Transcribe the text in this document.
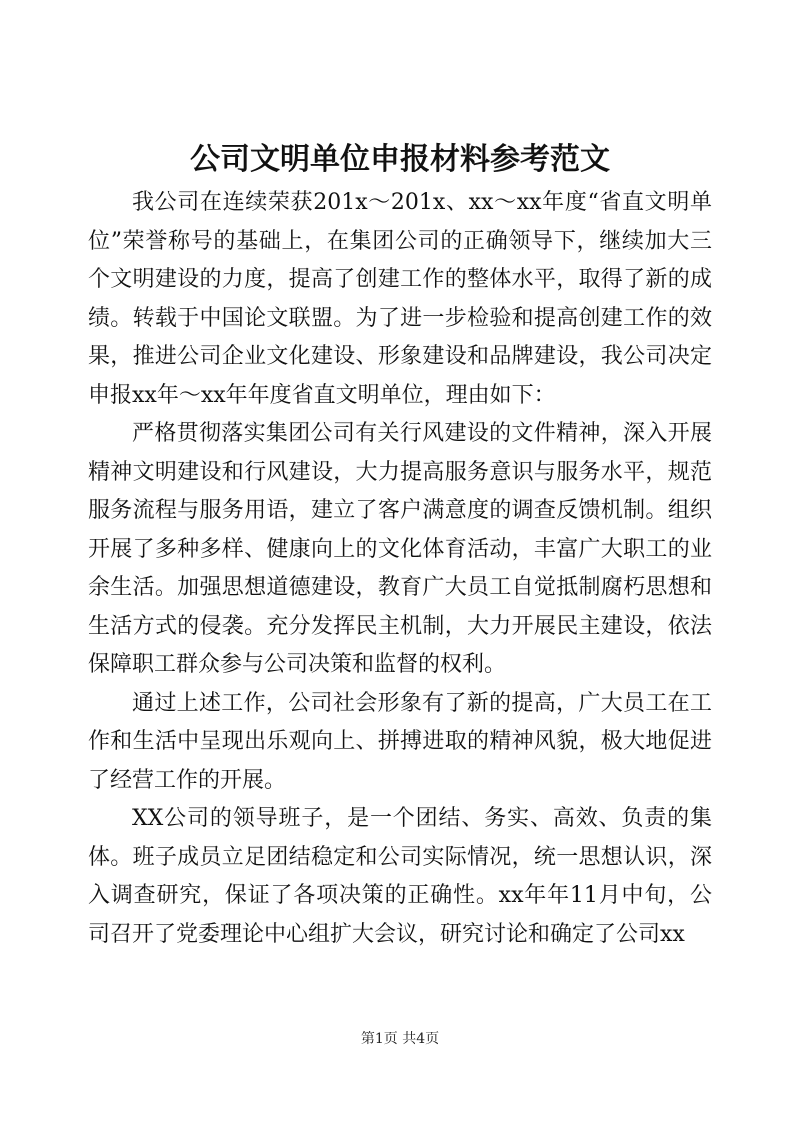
公司文明单位申报材料参考范文

我公司在连续荣获201x～201x、xx～xx年度“省直文明单位”荣誉称号的基础上，在集团公司的正确领导下，继续加大三个文明建设的力度，提高了创建工作的整体水平，取得了新的成绩。转载于中国论文联盟。为了进一步检验和提高创建工作的效果，推进公司企业文化建设、形象建设和品牌建设，我公司决定申报xx年～xx年年度省直文明单位，理由如下：

严格贯彻落实集团公司有关行风建设的文件精神，深入开展精神文明建设和行风建设，大力提高服务意识与服务水平，规范服务流程与服务用语，建立了客户满意度的调查反馈机制。组织开展了多种多样、健康向上的文化体育活动，丰富广大职工的业余生活。加强思想道德建设，教育广大员工自觉抵制腐朽思想和生活方式的侵袭。充分发挥民主机制，大力开展民主建设，依法保障职工群众参与公司决策和监督的权利。

通过上述工作，公司社会形象有了新的提高，广大员工在工作和生活中呈现出乐观向上、拼搏进取的精神风貌，极大地促进了经营工作的开展。

XX公司的领导班子，是一个团结、务实、高效、负责的集体。班子成员立足团结稳定和公司实际情况，统一思想认识，深入调查研究，保证了各项决策的正确性。xx年年11月中旬，公司召开了党委理论中心组扩大会议，研究讨论和确定了公司xx

第1页 共4页
